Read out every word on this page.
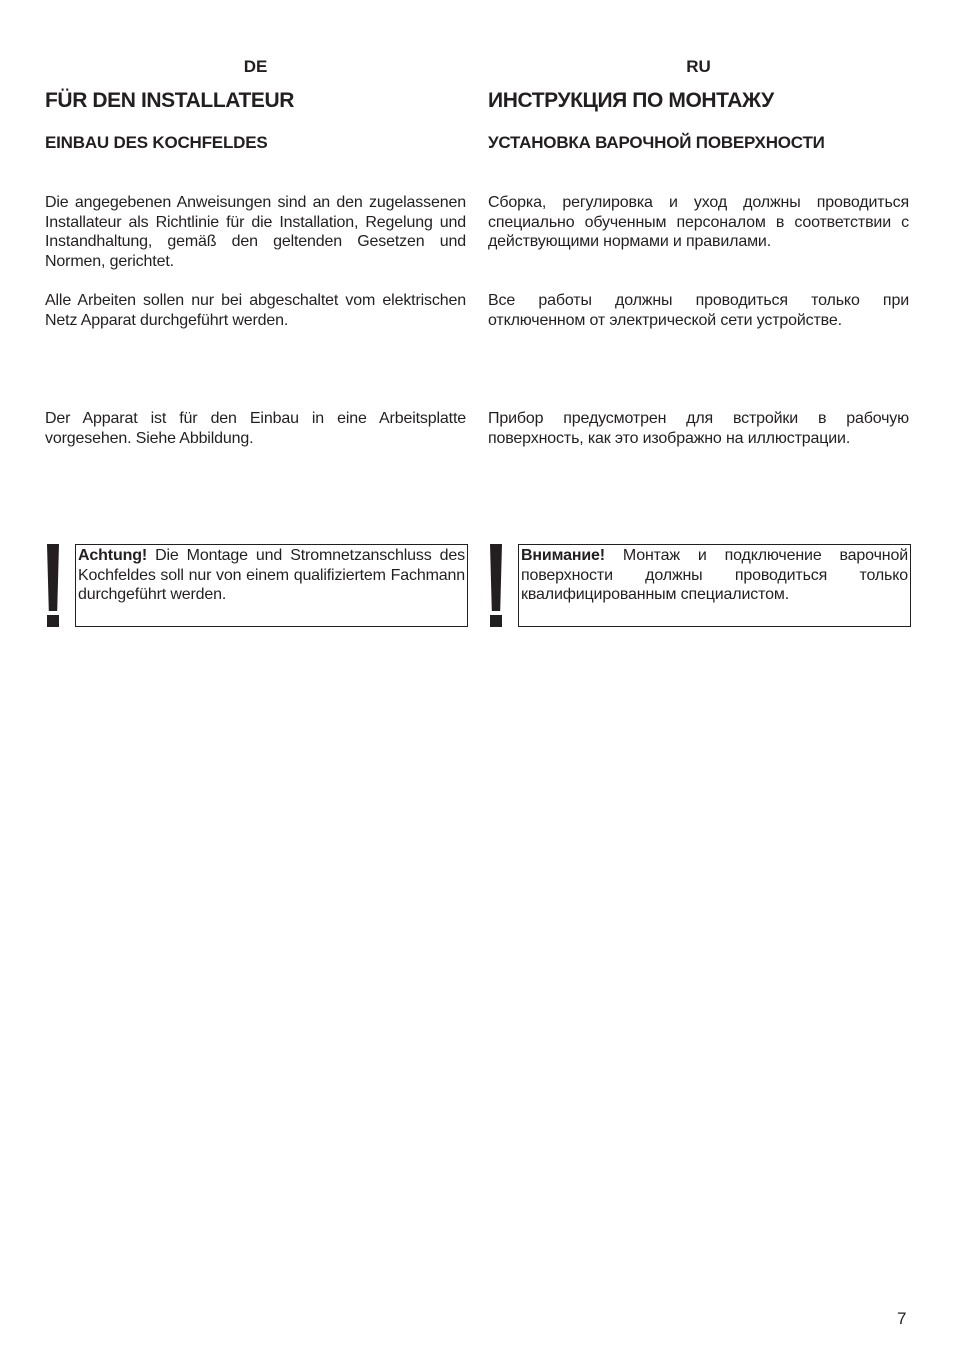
DE
FÜR DEN INSTALLATEUR
EINBAU DES KOCHFELDES

Die angegebenen Anweisungen sind an den zugelassenen Installateur als Richtlinie für die Installation, Regelung und Instandhaltung, gemäß den geltenden Gesetzen und Normen, gerichtet.

Alle Arbeiten sollen nur bei abgeschaltet vom elektrischen Netz Apparat durchgeführt werden.

Der Apparat ist für den Einbau in eine Arbeitsplatte vorgesehen. Siehe Abbildung.

Achtung! Die Montage und Stromnetzanschluss des Kochfeldes soll nur von einem qualifiziertem Fachmann durchgeführt werden.
RU
ИНСТРУКЦИЯ ПО МОНТАЖУ
УСТАНОВКА ВАРОЧНОЙ ПОВЕРХНОСТИ

Сборка, регулировка и уход должны проводиться специально обученным персоналом в соответствии с действующими нормами и правилами.

Все работы должны проводиться только при отключенном от электрической сети устройстве.

Прибор предусмотрен для встройки в рабочую поверхность, как это изображно на иллюстрации.

Внимание! Монтаж и подключение варочной поверхности должны проводиться только квалифицированным специалистом.
7
